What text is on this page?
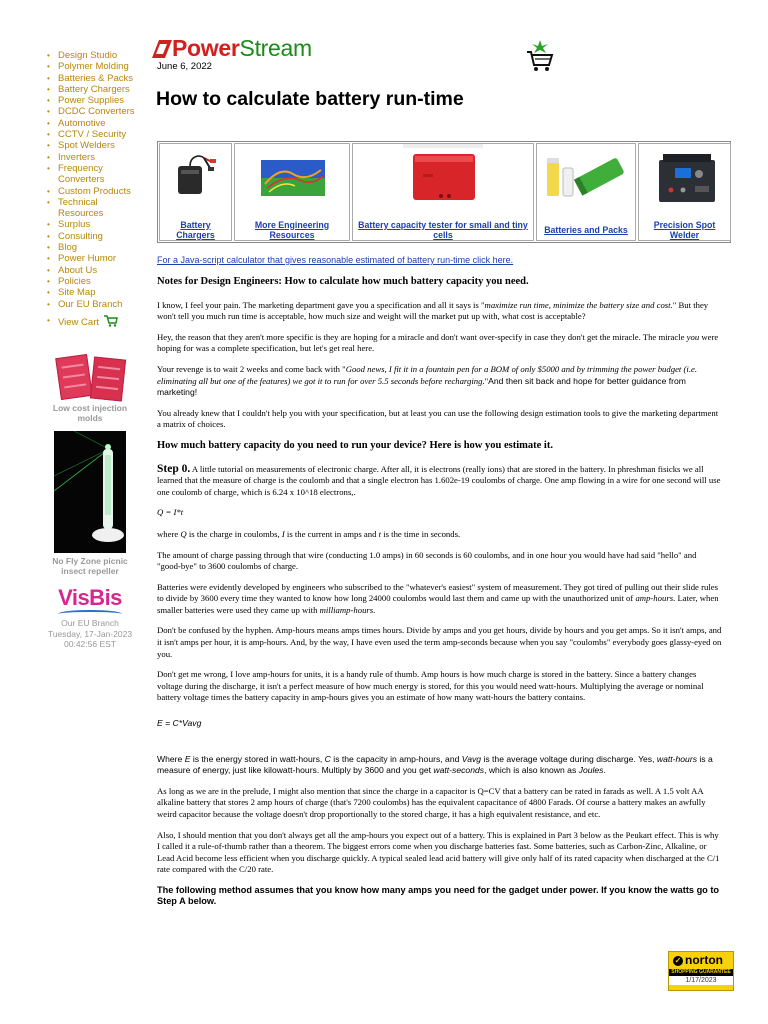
• Design Studio
• Polymer Molding
• Batteries & Packs
• Battery Chargers
• Power Supplies
• DCDC Converters
• Automotive
• CCTV / Security
• Spot Welders
• Inverters
• Frequency Converters
• Custom Products
• Technical Resources
• Surplus
• Consulting
• Blog
• Power Humor
• About Us
• Policies
• Site Map
• Our EU Branch
• View Cart
Low cost injection molds
No Fly Zone picnic insect repeller
VisBis
Our EU Branch
Tuesday, 17-Jan-2023
00:42:56 EST
PowerStream
June 6, 2022
How to calculate battery run-time
Battery Chargers
More Engineering Resources
Battery capacity tester for small and tiny cells	Batteries and Packs	Precision Spot Welder
For a Java-script calculator that gives reasonable estimated of battery run-time click here.
Notes for Design Engineers: How to calculate how much battery capacity you need.

I know, I feel your pain. The marketing department gave you a specification and all it says is "maximize run time, minimize the battery size and cost." But they won't tell you much run time is acceptable, how much size and weight will the market put up with, what cost is acceptable?

Hey, the reason that they aren't more specific is they are hoping for a miracle and don't want over-specify in case they don't get the miracle. The miracle you were hoping for was a complete specification, but let's get real here.

Your revenge is to wait 2 weeks and come back with "Good news, I fit it in a fountain pen for a BOM of only $5000 and by trimming the power budget (i.e. eliminating all but one of the features) we got it to run for over 5.5 seconds before recharging."And then sit back and hope for better guidance from marketing!

You already knew that I couldn't help you with your specification, but at least you can use the following design estimation tools to give the marketing department a matrix of choices.

How much battery capacity do you need to run your device? Here is how you estimate it.

Step 0. A little tutorial on measurements of electronic charge. After all, it is electrons (really ions) that are stored in the battery. In phreshman fisicks we all learned that the measure of charge is the coulomb and that a single electron has 1.602e-19 coulombs of charge. One amp flowing in a wire for one second will use one coulomb of charge, which is 6.24 x 10^18 electrons,.

Q = I*t

where Q is the charge in coulombs, I is the current in amps and t is the time in seconds.

The amount of charge passing through that wire (conducting 1.0 amps) in 60 seconds is 60 coulombs, and in one hour you would have had said "hello" and "good-bye" to 3600 coulombs of charge.

Batteries were evidently developed by engineers who subscribed to the "whatever's easiest" system of measurement. They got tired of pulling out their slide rules to divide by 3600 every time they wanted to know how long 24000 coulombs would last them and came up with the unauthorized unit of amp-hours. Later, when smaller batteries were used they came up with milliamp-hours.

Don't be confused by the hyphen. Amp-hours means amps times hours. Divide by amps and you get hours, divide by hours and you get amps. So it isn't amps, and it isn't amps per hour, it is amp-hours. And, by the way, I have even used the term amp-seconds because when you say "coulombs" everybody goes glassy-eyed on you.

Don't get me wrong, I love amp-hours for units, it is a handy rule of thumb. Amp hours is how much charge is stored in the battery. Since a battery changes voltage during the discharge, it isn't a perfect measure of how much energy is stored, for this you would need watt-hours. Multiplying the average or nominal battery voltage times the battery capacity in amp-hours gives you an estimate of how many watt-hours the battery contains.

E = C*Vavg

Where E is the energy stored in watt-hours, C is the capacity in amp-hours, and Vavg is the average voltage during discharge. Yes, watt-hours is a measure of energy, just like kilowatt-hours. Multiply by 3600 and you get watt-seconds, which is also known as Joules.

As long as we are in the prelude, I might also mention that since the charge in a capacitor is Q=CV that a battery can be rated in farads as well. A 1.5 volt AA alkaline battery that stores 2 amp hours of charge (that's 7200 coulombs) has the equivalent capacitance of 4800 Farads. Of course a battery makes an awfully weird capacitor because the voltage doesn't drop proportionally to the stored charge, it has a high equivalent resistance, and etc.

Also, I should mention that you don't always get all the amp-hours you expect out of a battery. This is explained in Part 3 below as the Peukart effect. This is why I called it a rule-of-thumb rather than a theorem. The biggest errors come when you discharge batteries fast. Some batteries, such as Carbon-Zinc, Alkaline, or Lead Acid become less efficient when you discharge quickly. A typical sealed lead acid battery will give only half of its rated capacity when discharged at the C/1 rate compared with the C/20 rate.

The following method assumes that you know how many amps you need for the gadget under power. If you know the watts go to Step A below.

✓ norton
SHOPPING GUARANTEE
1/17/2023
